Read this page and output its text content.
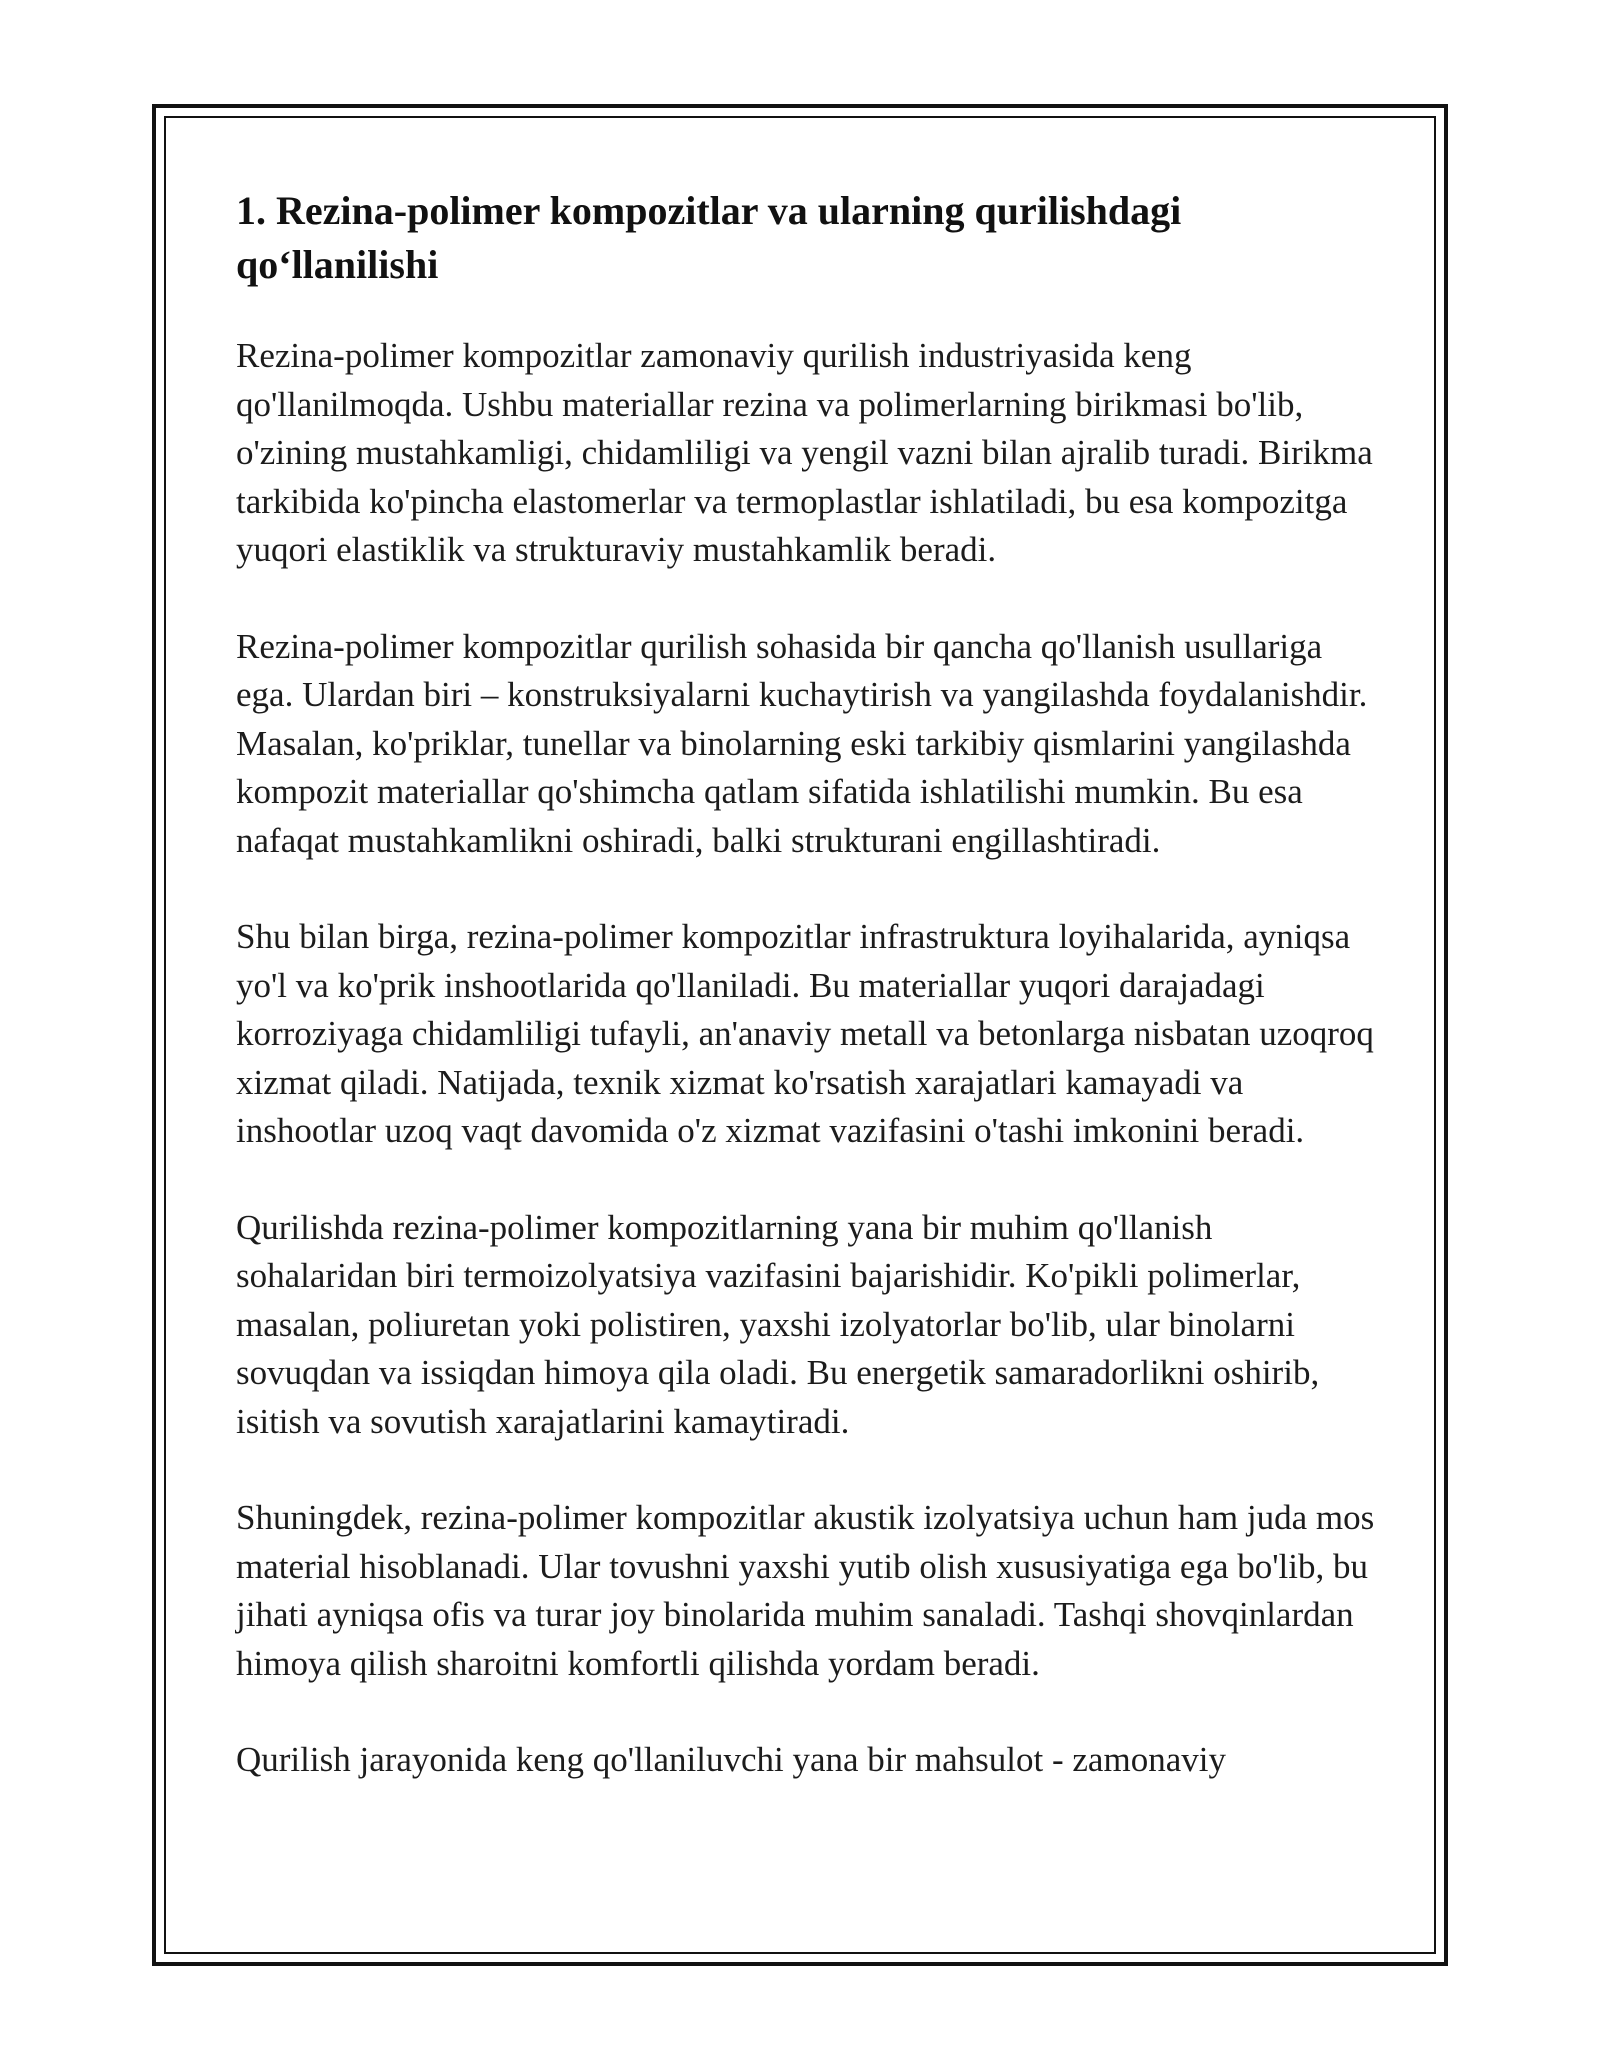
1. Rezina-polimer kompozitlar va ularning qurilishdagi qo‘llanilishi

Rezina-polimer kompozitlar zamonaviy qurilish industriyasida keng qo'llanilmoqda. Ushbu materiallar rezina va polimerlarning birikmasi bo'lib, o'zining mustahkamligi, chidamliligi va yengil vazni bilan ajralib turadi. Birikma tarkibida ko'pincha elastomerlar va termoplastlar ishlatiladi, bu esa kompozitga yuqori elastiklik va strukturaviy mustahkamlik beradi.

Rezina-polimer kompozitlar qurilish sohasida bir qancha qo'llanish usullariga ega. Ulardan biri – konstruksiyalarni kuchaytirish va yangilashda foydalanishdir. Masalan, ko'priklar, tunellar va binolarning eski tarkibiy qismlarini yangilashda kompozit materiallar qo'shimcha qatlam sifatida ishlatilishi mumkin. Bu esa nafaqat mustahkamlikni oshiradi, balki strukturani engillashtiradi.

Shu bilan birga, rezina-polimer kompozitlar infrastruktura loyihalarida, ayniqsa yo'l va ko'prik inshootlarida qo'llaniladi. Bu materiallar yuqori darajadagi korroziyaga chidamliligi tufayli, an'anaviy metall va betonlarga nisbatan uzoqroq xizmat qiladi. Natijada, texnik xizmat ko'rsatish xarajatlari kamayadi va inshootlar uzoq vaqt davomida o'z xizmat vazifasini o'tashi imkonini beradi.

Qurilishda rezina-polimer kompozitlarning yana bir muhim qo'llanish sohalaridan biri termoizolyatsiya vazifasini bajarishidir. Ko'pikli polimerlar, masalan, poliuretan yoki polistiren, yaxshi izolyatorlar bo'lib, ular binolarni sovuqdan va issiqdan himoya qila oladi. Bu energetik samaradorlikni oshirib, isitish va sovutish xarajatlarini kamaytiradi.

Shuningdek, rezina-polimer kompozitlar akustik izolyatsiya uchun ham juda mos material hisoblanadi. Ular tovushni yaxshi yutib olish xususiyatiga ega bo'lib, bu jihati ayniqsa ofis va turar joy binolarida muhim sanaladi. Tashqi shovqinlardan himoya qilish sharoitni komfortli qilishda yordam beradi.

Qurilish jarayonida keng qo'llaniluvchi yana bir mahsulot - zamonaviy
